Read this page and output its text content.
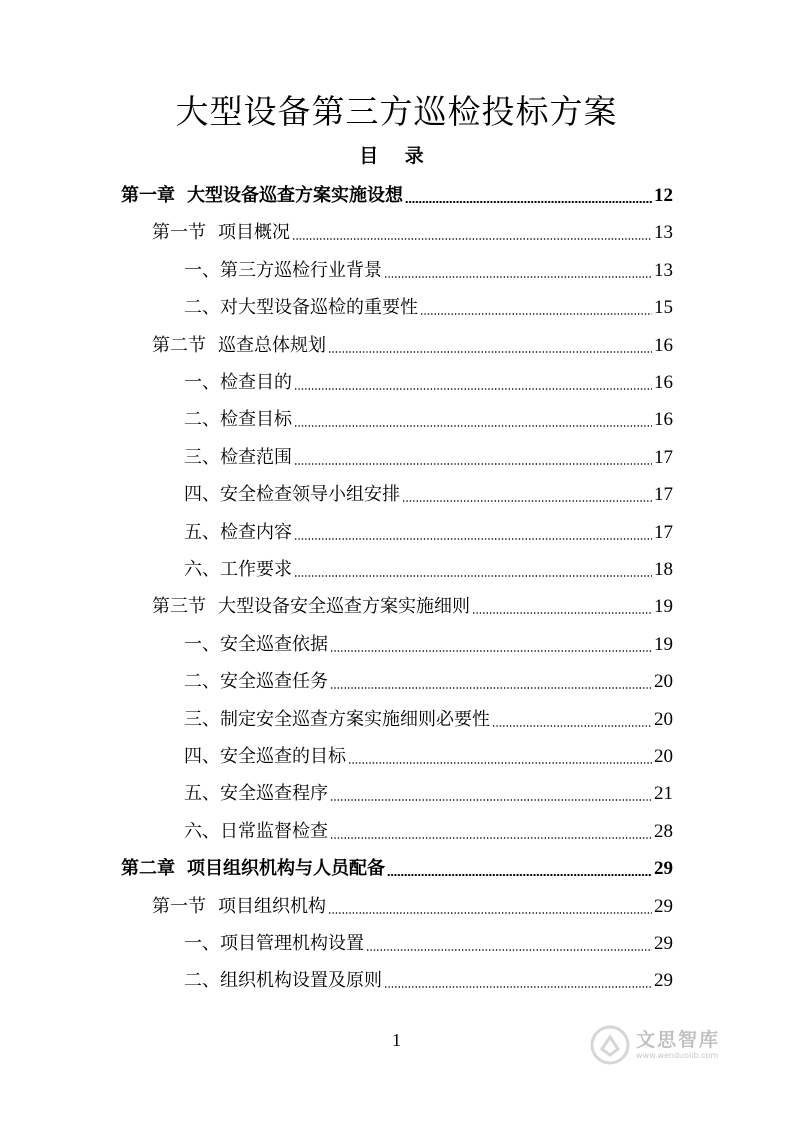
大型设备第三方巡检投标方案
目 录
第一章 大型设备巡查方案实施设想	12
第一节 项目概况	13
一、第三方巡检行业背景	13
二、对大型设备巡检的重要性	15
第二节 巡查总体规划	16
一、检查目的	16
二、检查目标	16
三、检查范围	17
四、安全检查领导小组安排	17
五、检查内容	17
六、工作要求	18
第三节 大型设备安全巡查方案实施细则	19
一、安全巡查依据	19
二、安全巡查任务	20
三、制定安全巡查方案实施细则必要性	20
四、安全巡查的目标	20
五、安全巡查程序	21
六、日常监督检查	28
第二章 项目组织机构与人员配备	29
第一节 项目组织机构	29
一、项目管理机构设置	29
二、组织机构设置及原则	29
1	文思智库
www.wenduolib.com
